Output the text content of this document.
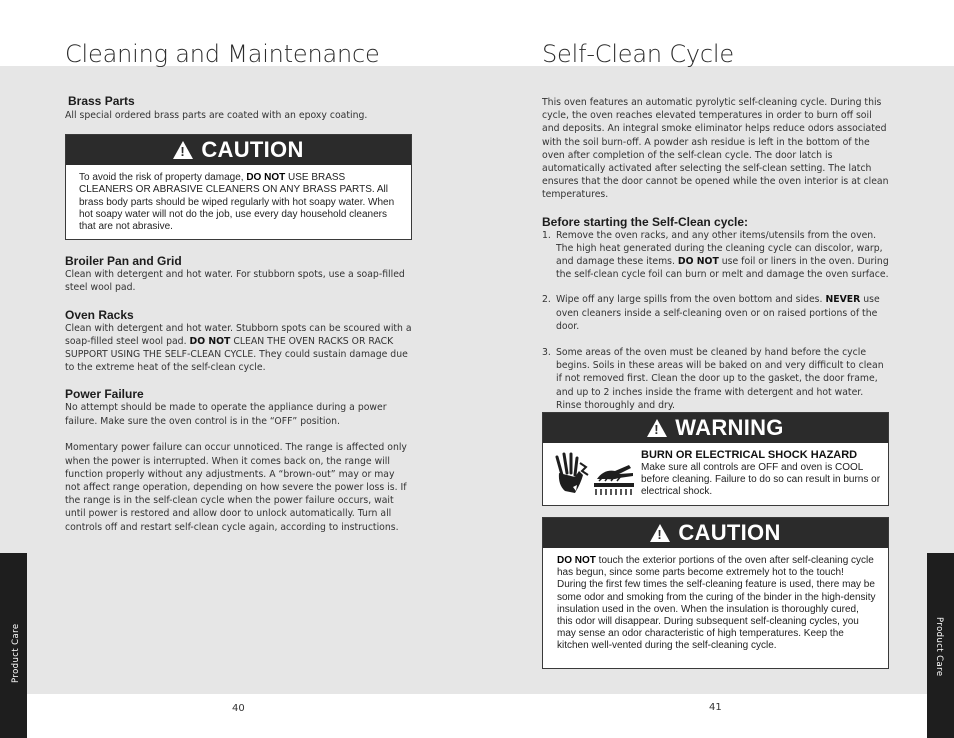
Cleaning and Maintenance
Brass Parts
All special ordered brass parts are coated with an epoxy coating.
!
CAUTION
To avoid the risk of property damage, DO NOT USE BRASS CLEANERS OR ABRASIVE CLEANERS ON ANY BRASS PARTS. All brass body parts should be wiped regularly with hot soapy water. When hot soapy water will not do the job, use every day household cleaners that are not abrasive.
Broiler Pan and Grid
Clean with detergent and hot water. For stubborn spots, use a soap-filled steel wool pad.
Oven Racks
Clean with detergent and hot water. Stubborn spots can be scoured with a soap-filled steel wool pad. DO NOT CLEAN THE OVEN RACKS OR RACK SUPPORT USING THE SELF-CLEAN CYCLE. They could sustain damage due to the extreme heat of the self-clean cycle.
Power Failure
No attempt should be made to operate the appliance during a power failure. Make sure the oven control is in the “OFF” position.
Momentary power failure can occur unnoticed. The range is affected only when the power is interrupted. When it comes back on, the range will function properly without any adjustments. A “brown-out” may or may not affect range operation, depending on how severe the power loss is. If the range is in the self-clean cycle when the power failure occurs, wait until power is restored and allow door to unlock automatically. Turn all controls off and restart self-clean cycle again, according to instructions.
Product Care
40
Self-Clean Cycle
This oven features an automatic pyrolytic self-cleaning cycle. During this cycle, the oven reaches elevated temperatures in order to burn off soil and deposits. An integral smoke eliminator helps reduce odors associated with the soil burn-off. A powder ash residue is left in the bottom of the oven after completion of the self-clean cycle. The door latch is automatically activated after selecting the self-clean setting. The latch ensures that the door cannot be opened while the oven interior is at clean temperatures.
Before starting the Self-Clean cycle:
1. Remove the oven racks, and any other items/utensils from the oven. The high heat generated during the cleaning cycle can discolor, warp, and damage these items. DO NOT use foil or liners in the oven. During the self-clean cycle foil can burn or melt and damage the oven surface.
2. Wipe off any large spills from the oven bottom and sides. NEVER use oven cleaners inside a self-cleaning oven or on raised portions of the door.
3. Some areas of the oven must be cleaned by hand before the cycle begins. Soils in these areas will be baked on and very difficult to clean if not removed first. Clean the door up to the gasket, the door frame, and up to 2 inches inside the frame with detergent and hot water. Rinse thoroughly and dry.
!
WARNING
BURN OR ELECTRICAL SHOCK HAZARD
Make sure all controls are OFF and oven is COOL before cleaning. Failure to do so can result in burns or electrical shock.
!
CAUTION
DO NOT touch the exterior portions of the oven after self-cleaning cycle has begun, since some parts become extremely hot to the touch! During the first few times the self-cleaning feature is used, there may be some odor and smoking from the curing of the binder in the high-density insulation used in the oven. When the insulation is thoroughly cured, this odor will disappear. During subsequent self-cleaning cycles, you may sense an odor characteristic of high temperatures. Keep the kitchen well-vented during the self-cleaning cycle.	Product Care
41
